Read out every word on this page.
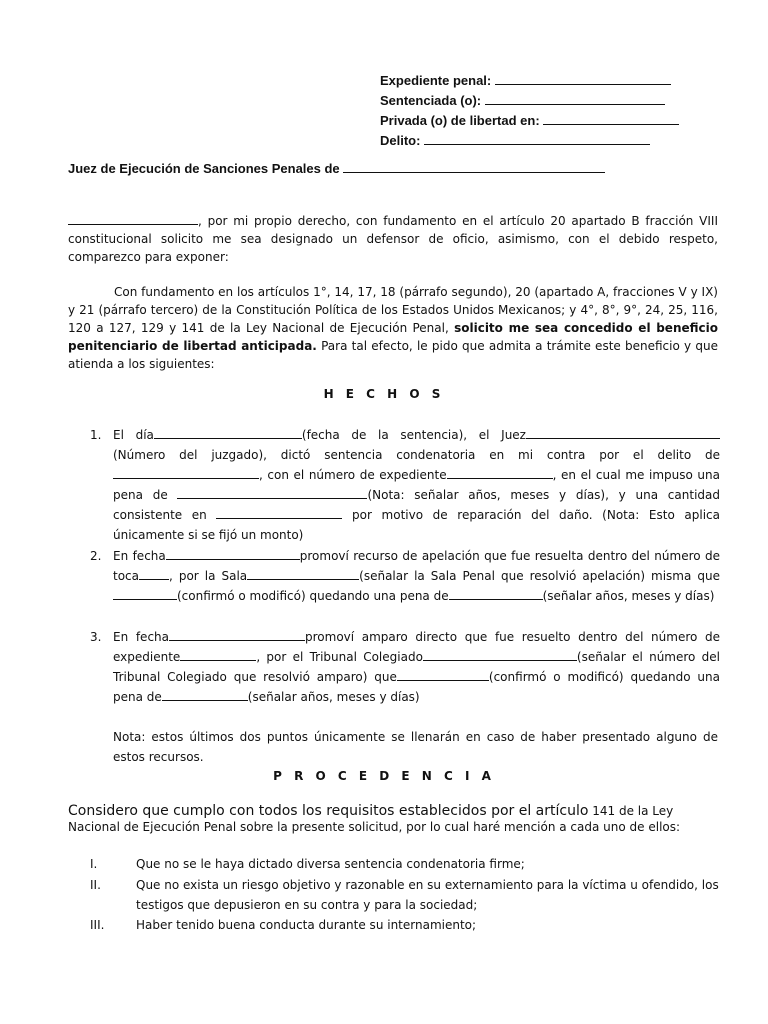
Expediente penal:
Sentenciada (o):
Privada (o) de libertad en:
Delito:
Juez de Ejecución de Sanciones Penales de
, por mi propio derecho, con fundamento en el artículo 20 apartado B fracción VIII constitucional solicito me sea designado un defensor de oficio, asimismo, con el debido respeto, comparezco para exponer:
Con fundamento en los artículos 1°, 14, 17, 18 (párrafo segundo), 20 (apartado A, fracciones V y IX) y 21 (párrafo tercero) de la Constitución Política de los Estados Unidos Mexicanos; y 4°, 8°, 9°, 24, 25, 116, 120 a 127, 129 y 141 de la Ley Nacional de Ejecución Penal, solicito me sea concedido el beneficio penitenciario de libertad anticipada. Para tal efecto, le pido que admita a trámite este beneficio y que atienda a los siguientes:
H E C H O S
1. El día	(fecha de la sentencia), el Juez(Número del juzgado), dictó sentencia condenatoria en mi contra por el delito de, con el número de expediente	, en el cual me impuso una pena de	(Nota: señalar años, meses y días), y una cantidad consistente en	por motivo de reparación del daño. (Nota: Esto aplica únicamente si se fijó un monto)
2. En fecha	promoví recurso de apelación que fue resuelta dentro del número de toca	, por la Sala	(señalar la Sala Penal que resolvió apelación) misma que (confirmó o modificó) quedando una pena de	(señalar años, meses y días)
3. En fecha	promoví amparo directo que fue resuelto dentro del número de expediente	, por el Tribunal Colegiado	(señalar el número del Tribunal Colegiado que resolvió amparo) que	(confirmó o modificó) quedando una pena de	(señalar años, meses y días)
Nota: estos últimos dos puntos únicamente se llenarán en caso de haber presentado alguno de estos recursos.
P R O C E D E N C I A
Considero que cumplo con todos los requisitos establecidos por el artículo 141 de la Ley Nacional de Ejecución Penal sobre la presente solicitud, por lo cual haré mención a cada uno de ellos:
I.	Que no se le haya dictado diversa sentencia condenatoria firme;
II.	Que no exista un riesgo objetivo y razonable en su externamiento para la víctima u ofendido, los testigos que depusieron en su contra y para la sociedad;
III.	Haber tenido buena conducta durante su internamiento;
